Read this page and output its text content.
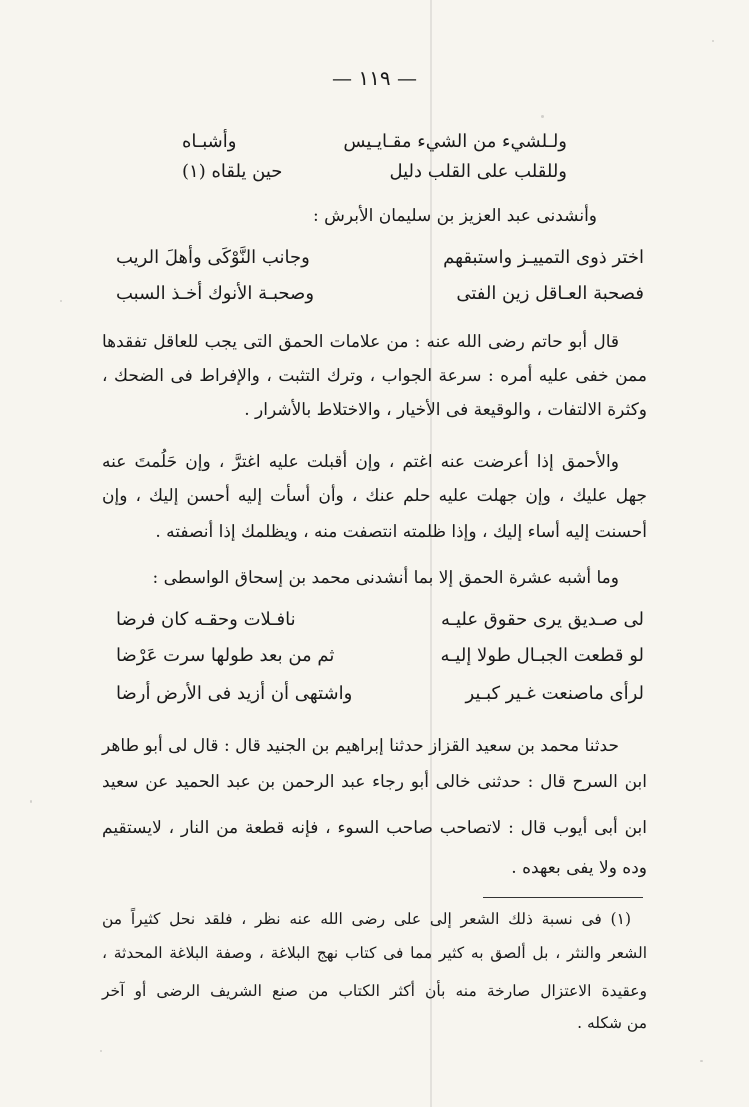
— ١١٩ —
ولـلشيء من الشيء مقـايـيس
وأشبـاه
وللقلب على القلب دليل
حين يلقاه (١)
وأنشدنى عبد العزيز بن سليمان الأبرش :
اختر ذوى التمييـز واستبقهم
وجانب النَّوْكَى وأهلَ الريب
فصحبة العـاقل زين الفتى
وصحبـة الأنوك أخـذ السبب
قال أبو حاتم رضى الله عنه : من علامات الحمق التى يجب للعاقل تفقدها
ممن خفى عليه أمره : سرعة الجواب ، وترك التثبت ، والإفراط فى الضحك ،
وكثرة الالتفات ، والوقيعة فى الأخيار ، والاختلاط بالأشرار .
والأحمق إذا أعرضت عنه اغتم ، وإن أقبلت عليه اغترَّ ، وإن حَلُمتَ عنه
جهل عليك ، وإن جهلت عليه حلم عنك ، وأن أسأت إليه أحسن إليك ، وإن
أحسنت إليه أساء إليك ، وإذا ظلمته انتصفت منه ، ويظلمك إذا أنصفته .
وما أشبه عشرة الحمق إلا بما أنشدنى محمد بن إسحاق الواسطى :
لى صـديق يرى حقوق عليـه
نافـلات وحقـه كان فرضا
لو قطعت الجبـال طولا إليـه
ثم من بعد طولها سرت عَرْضا
لرأى ماصنعت غـير كبـير
واشتهى أن أزيد فى الأرض أرضا
حدثنا محمد بن سعيد القزاز حدثنا إبراهيم بن الجنيد قال : قال لى أبو طاهر
ابن السرح قال : حدثنى خالى أبو رجاء عبد الرحمن بن عبد الحميد عن سعيد
ابن أبى أيوب قال : لاتصاحب صاحب السوء ، فإنه قطعة من النار ، لايستقيم
وده ولا يفى بعهده .
(١) فى نسبة ذلك الشعر إلى على رضى الله عنه نظر ، فلقد نحل كثيراً من
الشعر والنثر ، بل ألصق به كثير مما فى كتاب نهج البلاغة ، وصفة البلاغة المحدثة ،
وعقيدة الاعتزال صارخة منه بأن أكثر الكتاب من صنع الشريف الرضى أو آخر
من شكله .
